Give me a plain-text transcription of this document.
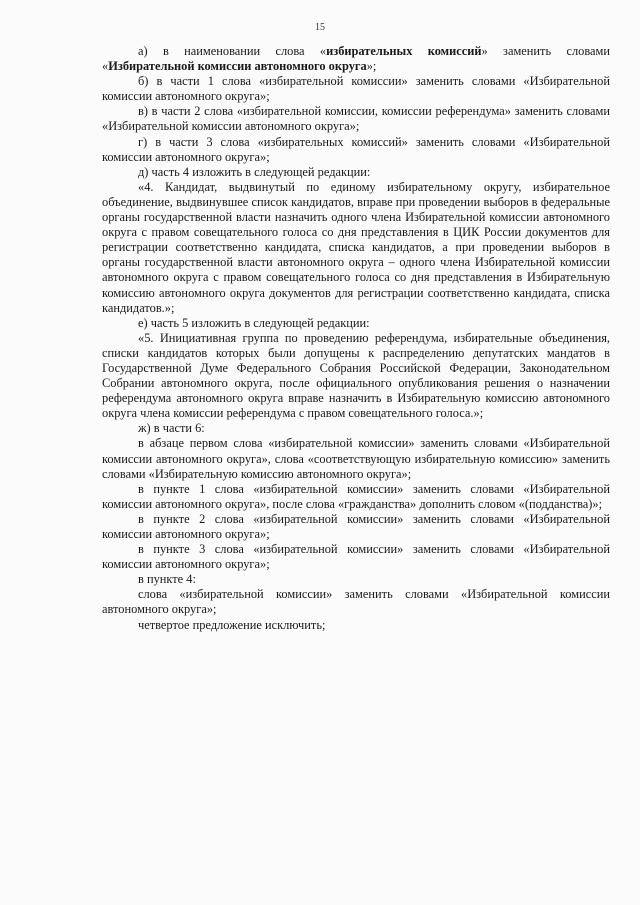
15

а) в наименовании слова «избирательных комиссий» заменить словами «Избирательной комиссии автономного округа»;

б) в части 1 слова «избирательной комиссии» заменить словами «Избирательной комиссии автономного округа»;

в) в части 2 слова «избирательной комиссии, комиссии референдума» заменить словами «Избирательной комиссии автономного округа»;

г) в части 3 слова «избирательных комиссий» заменить словами «Избирательной комиссии автономного округа»;

д) часть 4 изложить в следующей редакции:

«4. Кандидат, выдвинутый по единому избирательному округу, избирательное объединение, выдвинувшее список кандидатов, вправе при проведении выборов в федеральные органы государственной власти назначить одного члена Избирательной комиссии автономного округа с правом совещательного голоса со дня представления в ЦИК России документов для регистрации соответственно кандидата, списка кандидатов, а при проведении выборов в органы государственной власти автономного округа – одного члена Избирательной комиссии автономного округа с правом совещательного голоса со дня представления в Избирательную комиссию автономного округа документов для регистрации соответственно кандидата, списка кандидатов.»;

е) часть 5 изложить в следующей редакции:

«5. Инициативная группа по проведению референдума, избирательные объединения, списки кандидатов которых были допущены к распределению депутатских мандатов в Государственной Думе Федерального Собрания Российской Федерации, Законодательном Собрании автономного округа, после официального опубликования решения о назначении референдума автономного округа вправе назначить в Избирательную комиссию автономного округа члена комиссии референдума с правом совещательного голоса.»;

ж) в части 6:

в абзаце первом слова «избирательной комиссии» заменить словами «Избирательной комиссии автономного округа», слова «соответствующую избирательную комиссию» заменить словами «Избирательную комиссию автономного округа»;

в пункте 1 слова «избирательной комиссии» заменить словами «Избирательной комиссии автономного округа», после слова «гражданства» дополнить словом «(подданства)»;

в пункте 2 слова «избирательной комиссии» заменить словами «Избирательной комиссии автономного округа»;

в пункте 3 слова «избирательной комиссии» заменить словами «Избирательной комиссии автономного округа»;

в пункте 4:

слова «избирательной комиссии» заменить словами «Избирательной комиссии автономного округа»;

четвертое предложение исключить;
